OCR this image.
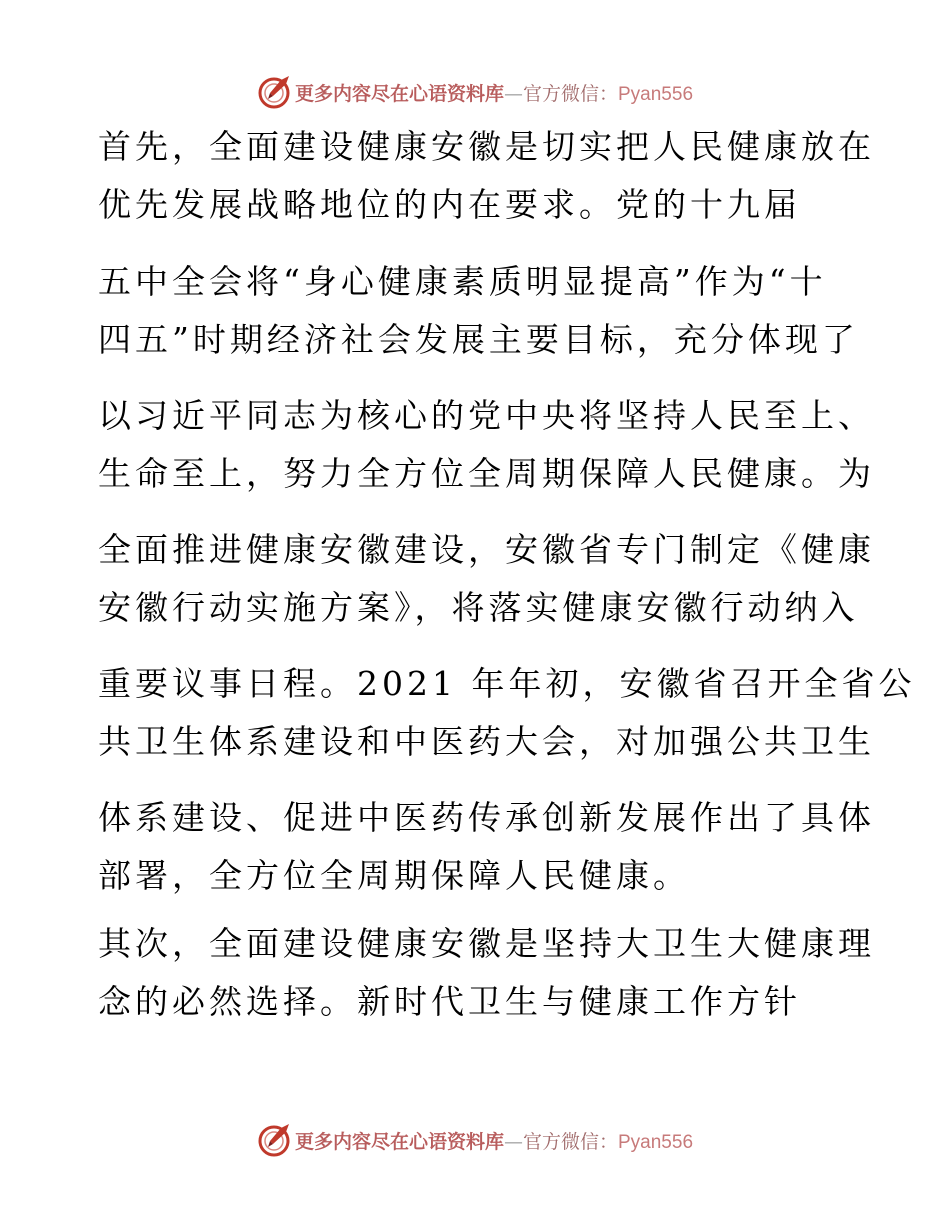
更多内容尽在心语资料库—官方微信：Pyan556
首先，全面建设健康安徽是切实把人民健康放在
优先发展战略地位的内在要求。党的十九届
五中全会将“身心健康素质明显提高”作为“十
四五”时期经济社会发展主要目标，充分体现了
以习近平同志为核心的党中央将坚持人民至上、
生命至上，努力全方位全周期保障人民健康。为
全面推进健康安徽建设，安徽省专门制定《健康
安徽行动实施方案》，将落实健康安徽行动纳入
重要议事日程。2021 年年初，安徽省召开全省公
共卫生体系建设和中医药大会，对加强公共卫生
体系建设、促进中医药传承创新发展作出了具体
部署，全方位全周期保障人民健康。
其次，全面建设健康安徽是坚持大卫生大健康理
念的必然选择。新时代卫生与健康工作方针
更多内容尽在心语资料库—官方微信：Pyan556
